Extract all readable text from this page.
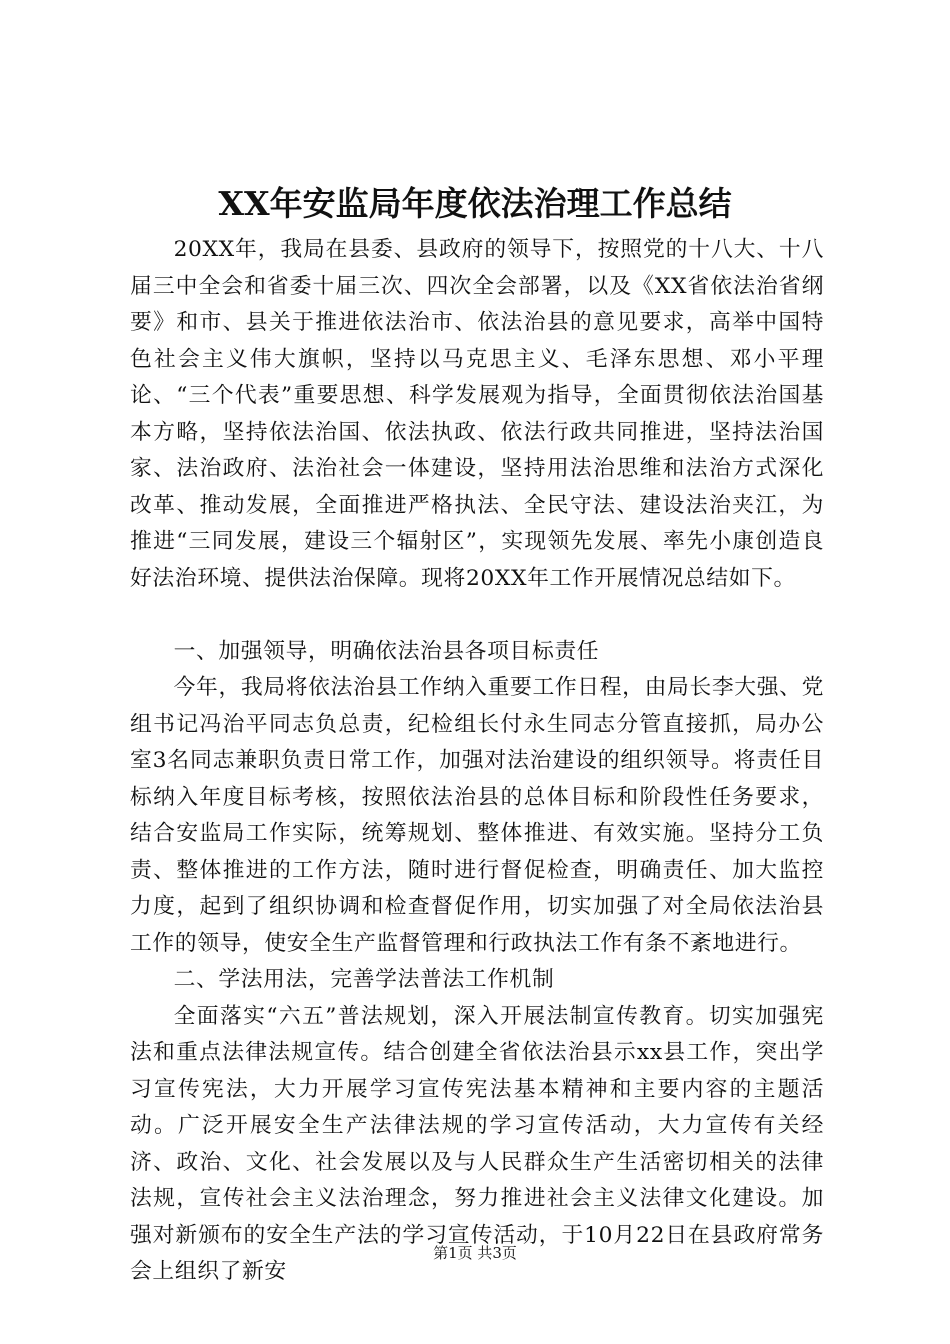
XX年安监局年度依法治理工作总结

20XX年，我局在县委、县政府的领导下，按照党的十八大、十八届三中全会和省委十届三次、四次全会部署，以及《XX省依法治省纲要》和市、县关于推进依法治市、依法治县的意见要求，高举中国特色社会主义伟大旗帜，坚持以马克思主义、毛泽东思想、邓小平理论、“三个代表”重要思想、科学发展观为指导，全面贯彻依法治国基本方略，坚持依法治国、依法执政、依法行政共同推进，坚持法治国家、法治政府、法治社会一体建设，坚持用法治思维和法治方式深化改革、推动发展，全面推进严格执法、全民守法、建设法治夹江，为推进“三同发展，建设三个辐射区”，实现领先发展、率先小康创造良好法治环境、提供法治保障。现将20XX年工作开展情况总结如下。

一、加强领导，明确依法治县各项目标责任

今年，我局将依法治县工作纳入重要工作日程，由局长李大强、党组书记冯治平同志负总责，纪检组长付永生同志分管直接抓，局办公室3名同志兼职负责日常工作，加强对法治建设的组织领导。将责任目标纳入年度目标考核，按照依法治县的总体目标和阶段性任务要求，结合安监局工作实际，统筹规划、整体推进、有效实施。坚持分工负责、整体推进的工作方法，随时进行督促检查，明确责任、加大监控力度，起到了组织协调和检查督促作用，切实加强了对全局依法治县工作的领导，使安全生产监督管理和行政执法工作有条不紊地进行。

二、学法用法，完善学法普法工作机制

全面落实“六五”普法规划，深入开展法制宣传教育。切实加强宪法和重点法律法规宣传。结合创建全省依法治县示xx县工作，突出学习宣传宪法，大力开展学习宣传宪法基本精神和主要内容的主题活动。广泛开展安全生产法律法规的学习宣传活动，大力宣传有关经济、政治、文化、社会发展以及与人民群众生产生活密切相关的法律法规，宣传社会主义法治理念，努力推进社会主义法律文化建设。加强对新颁布的安全生产法的学习宣传活动，于10月22日在县政府常务会上组织了新安

第1页 共3页
